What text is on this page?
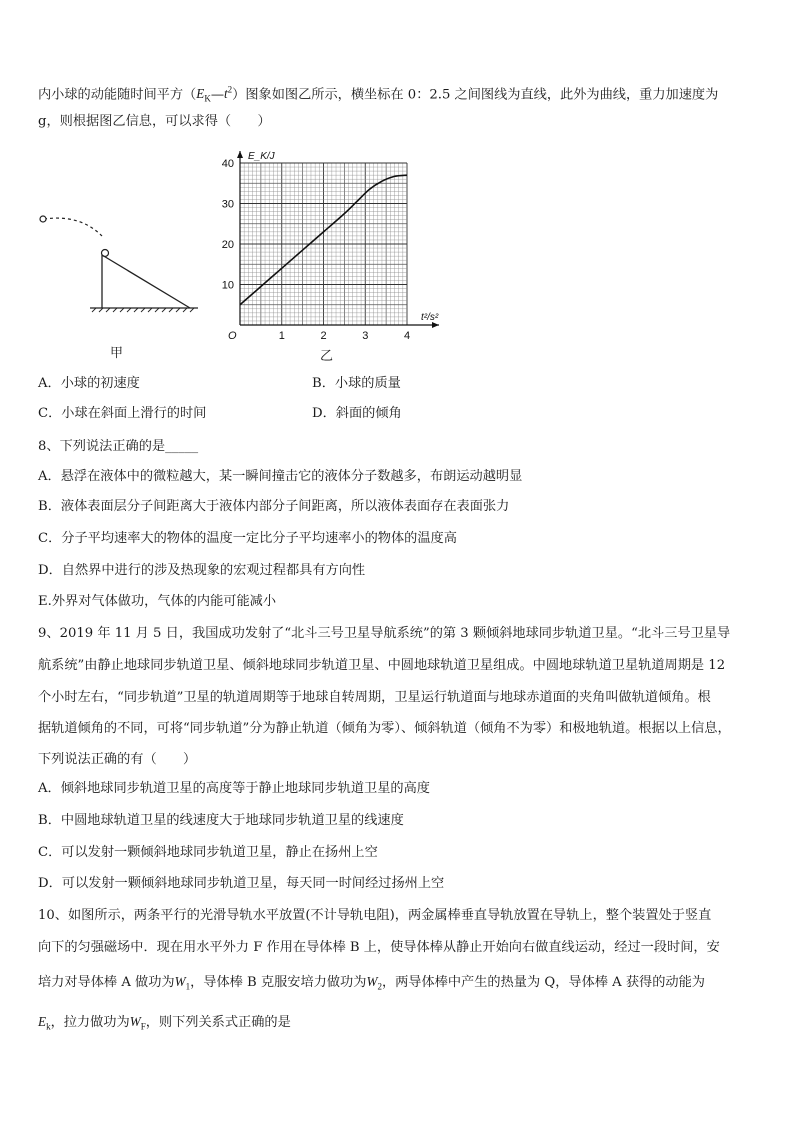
内小球的动能随时间平方$(E_K—t^2)$图象如图乙所示，横坐标在 0：2.5 之间图线为直线，此外为曲线，重力加速度为
g，则根据图乙信息，可以求得（　　）
甲
E_K/J
t²/s²
O	1	2	3	4
10
20
30
40
乙
A．小球的初速度	B．小球的质量
C．小球在斜面上滑行的时间	D．斜面的倾角
8、下列说法正确的是_____
A．悬浮在液体中的微粒越大，某一瞬间撞击它的液体分子数越多，布朗运动越明显
B．液体表面层分子间距离大于液体内部分子间距离，所以液体表面存在表面张力
C．分子平均速率大的物体的温度一定比分子平均速率小的物体的温度高
D．自然界中进行的涉及热现象的宏观过程都具有方向性
E.外界对气体做功，气体的内能可能减小
9、2019 年 11 月 5 日，我国成功发射了“北斗三号卫星导航系统”的第 3 颗倾斜地球同步轨道卫星。“北斗三号卫星导
航系统”由静止地球同步轨道卫星、倾斜地球同步轨道卫星、中圆地球轨道卫星组成。中圆地球轨道卫星轨道周期是 12
个小时左右，“同步轨道”卫星的轨道周期等于地球自转周期，卫星运行轨道面与地球赤道面的夹角叫做轨道倾角。根
据轨道倾角的不同，可将“同步轨道”分为静止轨道（倾角为零）、倾斜轨道（倾角不为零）和极地轨道。根据以上信息，
下列说法正确的有（　　）
A．倾斜地球同步轨道卫星的高度等于静止地球同步轨道卫星的高度
B．中圆地球轨道卫星的线速度大于地球同步轨道卫星的线速度
C．可以发射一颗倾斜地球同步轨道卫星，静止在扬州上空
D．可以发射一颗倾斜地球同步轨道卫星，每天同一时间经过扬州上空
10、如图所示，两条平行的光滑导轨水平放置(不计导轨电阻)，两金属棒垂直导轨放置在导轨上，整个装置处于竖直
向下的匀强磁场中．现在用水平外力 F 作用在导体棒 B 上，使导体棒从静止开始向右做直线运动，经过一段时间，安
培力对导体棒 A 做功为$W_1$，导体棒 B 克服安培力做功为$W_2$，两导体棒中产生的热量为 Q，导体棒 A 获得的动能为
$E_k$，拉力做功为$W_F$，则下列关系式正确的是
